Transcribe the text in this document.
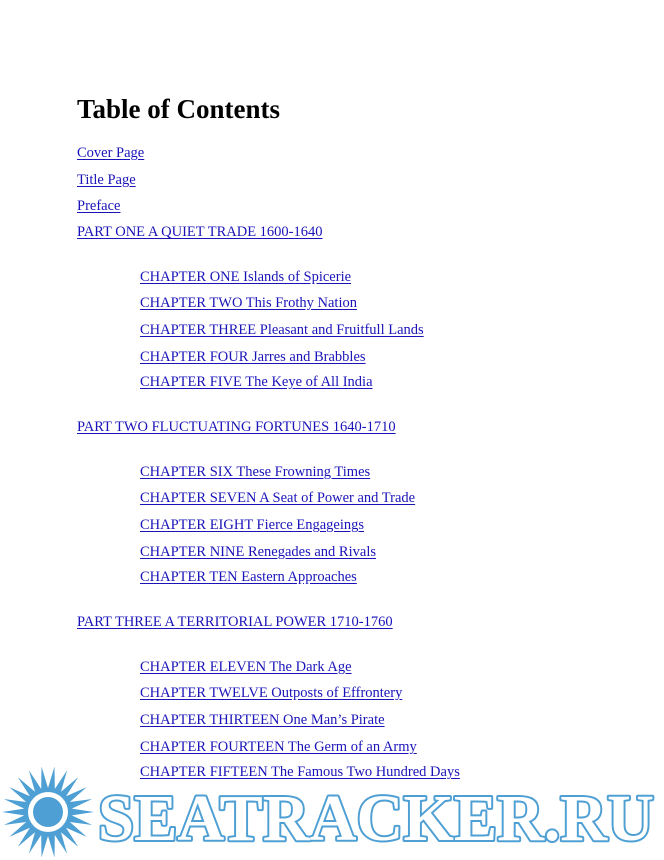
Table of Contents
Cover Page
Title Page
Preface
PART ONE A QUIET TRADE 1600-1640
CHAPTER ONE Islands of Spicerie
CHAPTER TWO This Frothy Nation
CHAPTER THREE Pleasant and Fruitfull Lands
CHAPTER FOUR Jarres and Brabbles
CHAPTER FIVE The Keye of All India
PART TWO FLUCTUATING FORTUNES 1640-1710
CHAPTER SIX These Frowning Times
CHAPTER SEVEN A Seat of Power and Trade
CHAPTER EIGHT Fierce Engageings
CHAPTER NINE Renegades and Rivals
CHAPTER TEN Eastern Approaches
PART THREE A TERRITORIAL POWER 1710-1760
CHAPTER ELEVEN The Dark Age
CHAPTER TWELVE Outposts of Effrontery
CHAPTER THIRTEEN One Man’s Pirate
CHAPTER FOURTEEN The Germ of an Army
CHAPTER FIFTEEN The Famous Two Hundred Days
SEATRACKER.RU
